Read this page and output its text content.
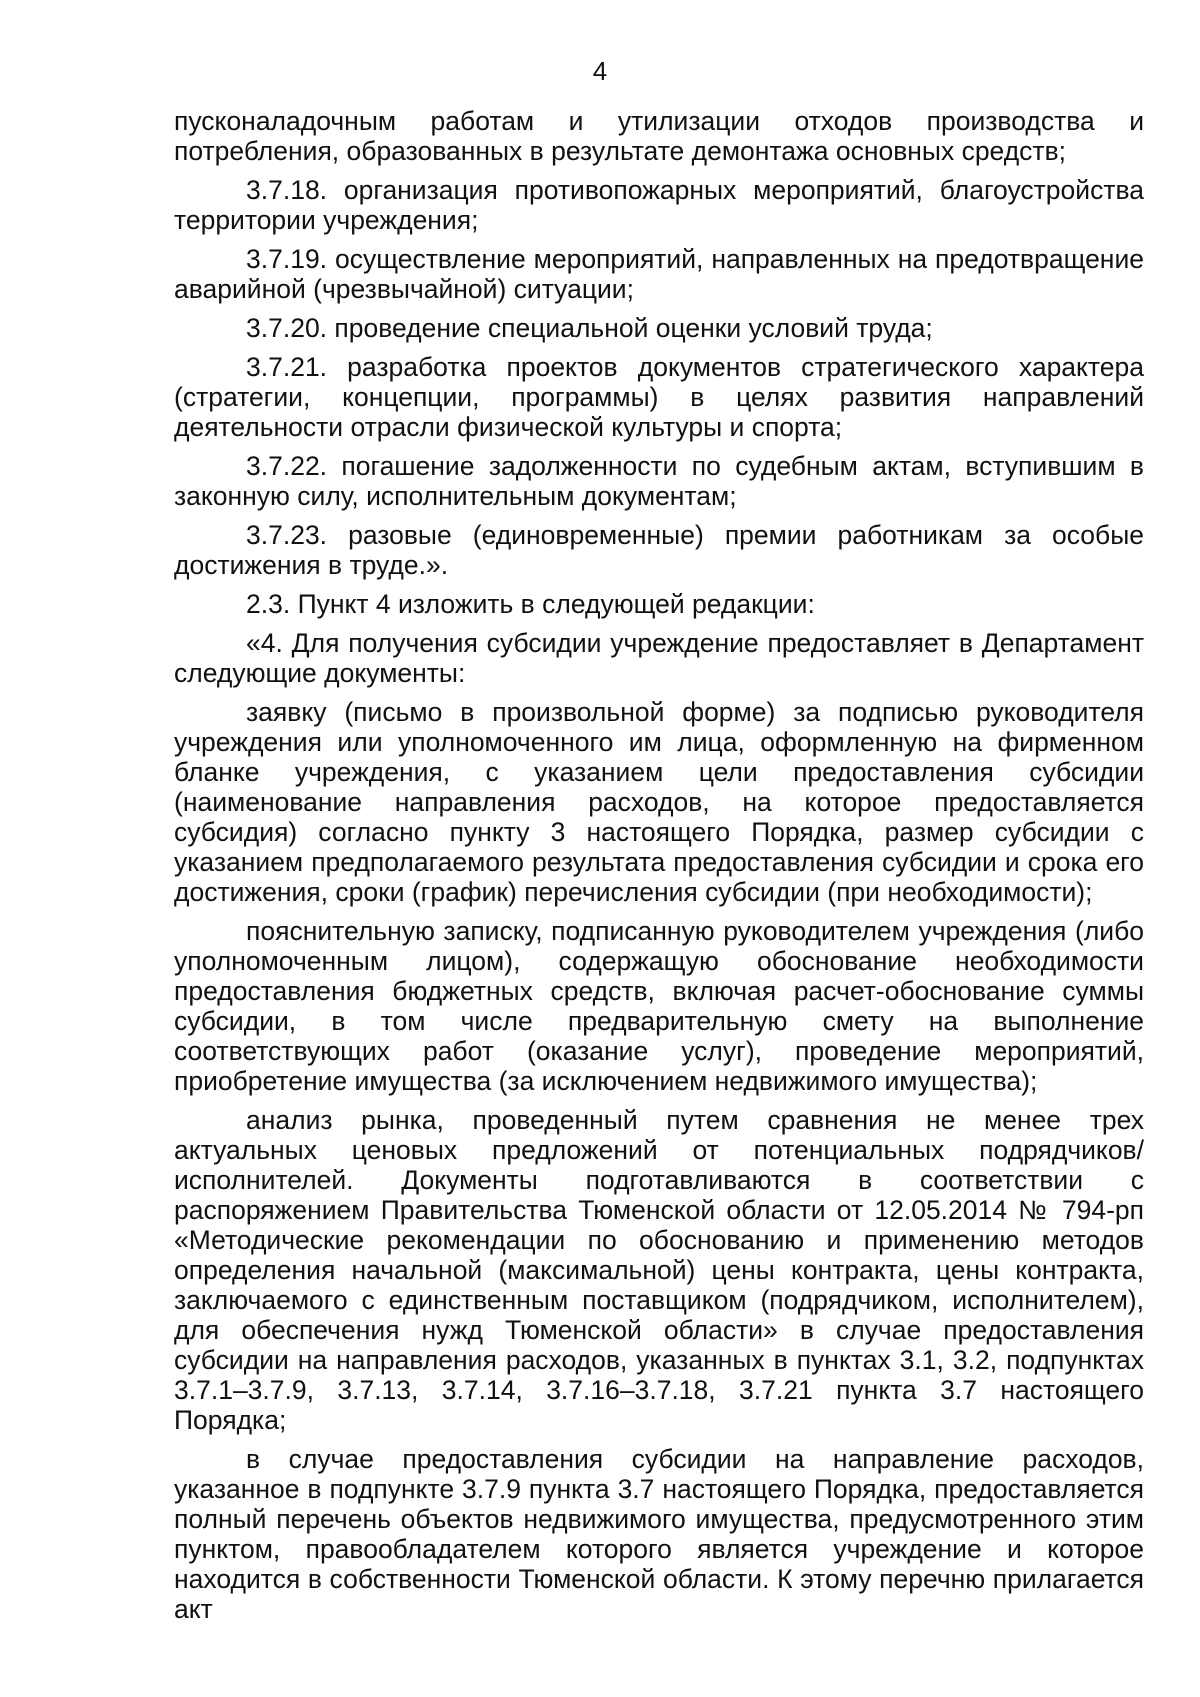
4

пусконаладочным работам и утилизации отходов производства и потребления, образованных в результате демонтажа основных средств;

3.7.18. организация противопожарных мероприятий, благоустройства территории учреждения;

3.7.19. осуществление мероприятий, направленных на предотвращение аварийной (чрезвычайной) ситуации;

3.7.20. проведение специальной оценки условий труда;

3.7.21. разработка проектов документов стратегического характера (стратегии, концепции, программы) в целях развития направлений деятельности отрасли физической культуры и спорта;

3.7.22. погашение задолженности по судебным актам, вступившим в законную силу, исполнительным документам;

3.7.23. разовые (единовременные) премии работникам за особые достижения в труде.».

2.3. Пункт 4 изложить в следующей редакции:

«4. Для получения субсидии учреждение предоставляет в Департамент следующие документы:

заявку (письмо в произвольной форме) за подписью руководителя учреждения или уполномоченного им лица, оформленную на фирменном бланке учреждения, с указанием цели предоставления субсидии (наименование направления расходов, на которое предоставляется субсидия) согласно пункту 3 настоящего Порядка, размер субсидии с указанием предполагаемого результата предоставления субсидии и срока его достижения, сроки (график) перечисления субсидии (при необходимости);

пояснительную записку, подписанную руководителем учреждения (либо уполномоченным лицом), содержащую обоснование необходимости предоставления бюджетных средств, включая расчет-обоснование суммы субсидии, в том числе предварительную смету на выполнение соответствующих работ (оказание услуг), проведение мероприятий, приобретение имущества (за исключением недвижимого имущества);

анализ рынка, проведенный путем сравнения не менее трех актуальных ценовых предложений от потенциальных подрядчиков/исполнителей. Документы подготавливаются в соответствии с распоряжением Правительства Тюменской области от 12.05.2014 № 794-рп «Методические рекомендации по обоснованию и применению методов определения начальной (максимальной) цены контракта, цены контракта, заключаемого с единственным поставщиком (подрядчиком, исполнителем), для обеспечения нужд Тюменской области» в случае предоставления субсидии на направления расходов, указанных в пунктах 3.1, 3.2, подпунктах 3.7.1–3.7.9, 3.7.13, 3.7.14, 3.7.16–3.7.18, 3.7.21 пункта 3.7 настоящего Порядка;

в случае предоставления субсидии на направление расходов, указанное в подпункте 3.7.9 пункта 3.7 настоящего Порядка, предоставляется полный перечень объектов недвижимого имущества, предусмотренного этим пунктом, правообладателем которого является учреждение и которое находится в собственности Тюменской области. К этому перечню прилагается акт
